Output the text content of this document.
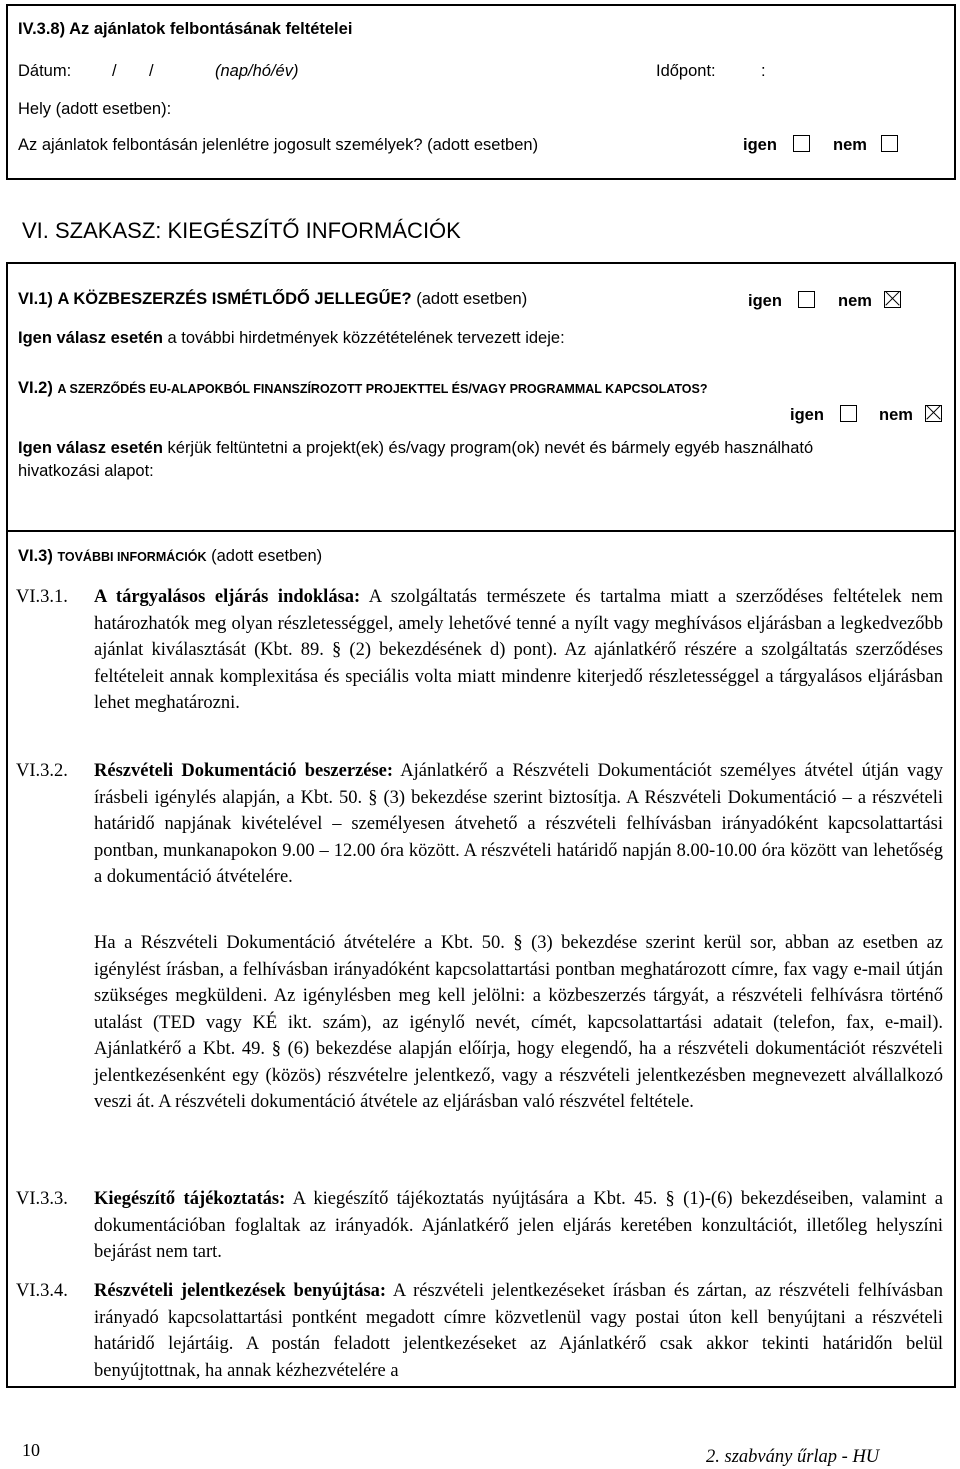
IV.3.8) Az ajánlatok felbontásának feltételei
Dátum: / /	(nap/hó/év)	Időpont:	:
Hely (adott esetben):
Az ajánlatok felbontásán jelenlétre jogosult személyek? (adott esetben)	igen	nem
VI. SZAKASZ: KIEGÉSZÍTŐ INFORMÁCIÓK
VI.1) A KÖZBESZERZÉS ISMÉTLŐDŐ JELLEGŰE? (adott esetben)	igen	nem
Igen válasz esetén a további hirdetmények közzétételének tervezett ideje:
VI.2) A SZERZŐDÉS EU-ALAPOKBÓL FINANSZÍROZOTT PROJEKTTEL ÉS/VAGY PROGRAMMAL KAPCSOLATOS?
igen	nem
Igen válasz esetén kérjük feltüntetni a projekt(ek) és/vagy program(ok) nevét és bármely egyéb használható
hivatkozási alapot:
VI.3) TOVÁBBI INFORMÁCIÓK (adott esetben)
VI.3.1. A tárgyalásos eljárás indoklása: A szolgáltatás természete és tartalma miatt a szerződéses feltételek nem határozhatók meg olyan részletességgel, amely lehetővé tenné a nyílt vagy meghívásos eljárásban a legkedvezőbb ajánlat kiválasztását (Kbt. 89. § (2) bekezdésének d) pont). Az ajánlatkérő részére a szolgáltatás szerződéses feltételeit annak komplexitása és speciális volta miatt mindenre kiterjedő részletességgel a tárgyalásos eljárásban lehet meghatározni.
VI.3.2. Részvételi Dokumentáció beszerzése: Ajánlatkérő a Részvételi Dokumentációt személyes átvétel útján vagy írásbeli igénylés alapján, a Kbt. 50. § (3) bekezdése szerint biztosítja. A Részvételi Dokumentáció – a részvételi határidő napjának kivételével – személyesen átvehető a részvételi felhívásban irányadóként kapcsolattartási pontban, munkanapokon 9.00 – 12.00 óra között. A részvételi határidő napján 8.00-10.00 óra között van lehetőség a dokumentáció átvételére.
Ha a Részvételi Dokumentáció átvételére a Kbt. 50. § (3) bekezdése szerint kerül sor, abban az esetben az igénylést írásban, a felhívásban irányadóként kapcsolattartási pontban meghatározott címre, fax vagy e-mail útján szükséges megküldeni. Az igénylésben meg kell jelölni: a közbeszerzés tárgyát, a részvételi felhívásra történő utalást (TED vagy KÉ ikt. szám), az igénylő nevét, címét, kapcsolattartási adatait (telefon, fax, e-mail). Ajánlatkérő a Kbt. 49. § (6) bekezdése alapján előírja, hogy elegendő, ha a részvételi dokumentációt részvételi jelentkezésenként egy (közös) részvételre jelentkező, vagy a részvételi jelentkezésben megnevezett alvállalkozó veszi át. A részvételi dokumentáció átvétele az eljárásban való részvétel feltétele.
VI.3.3. Kiegészítő tájékoztatás: A kiegészítő tájékoztatás nyújtására a Kbt. 45. § (1)-(6) bekezdéseiben, valamint a dokumentációban foglaltak az irányadók. Ajánlatkérő jelen eljárás keretében konzultációt, illetőleg helyszíni bejárást nem tart.
VI.3.4. Részvételi jelentkezések benyújtása: A részvételi jelentkezéseket írásban és zártan, az részvételi felhívásban irányadó kapcsolattartási pontként megadott címre közvetlenül vagy postai úton kell benyújtani a részvételi határidő lejártáig. A postán feladott jelentkezéseket az Ajánlatkérő csak akkor tekinti határidőn belül benyújtottnak, ha annak kézhezvételére a
10	2. szabvány űrlap - HU
